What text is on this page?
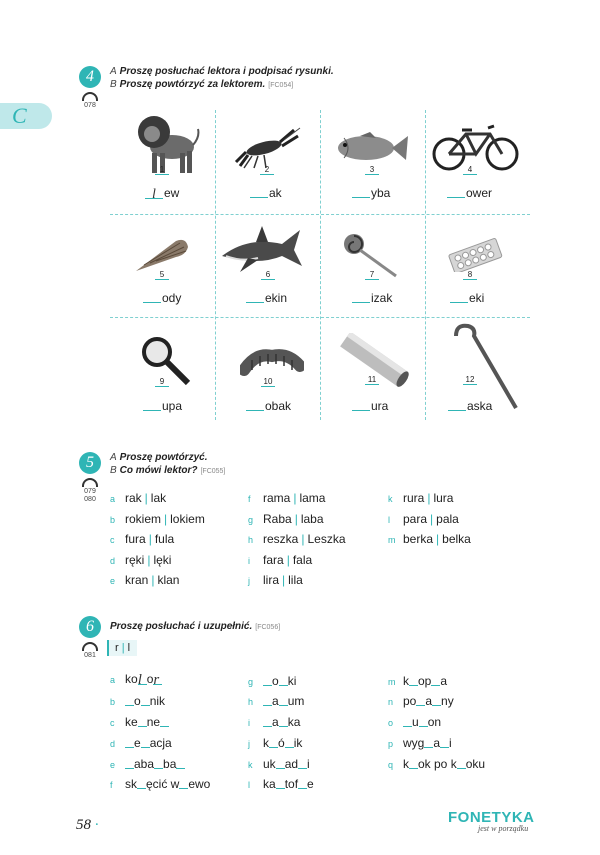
C
4
078
A Proszę posłuchać lektora i podpisać rysunki.
B Proszę powtórzyć za lektorem. [FC054]
1
l ew
2
ak
3
yba
4
ower
5
ody
6
ekin
7
izak
8
eki
9
upa
10
obak
11
ura
12
aska
5
079
080
A Proszę powtórzyć.
B Co mówi lektor? [FC055]
a rak | lak
b rokiem | lokiem
c fura | fula
d ręki | lęki
e kran | klan
f rama | lama
g Raba | laba
h reszka | Leszka
i fara | fala
j lira | lila
k rura | lura
l para | pala
m berka | belka
6
081
Proszę posłuchać i uzupełnić. [FC056]
r | l
a kol or
b o nik
c ke ne
d e acja
e aba ba
f sk ęcić w ewo
g o ki
h a um
i a ka
j k ó ik
k uk ad i
l ka tof e
m k op a
n po a ny
o u on
p wyg a i
q k ok po k oku
58 ·	FONETYKA
jest w porządku
